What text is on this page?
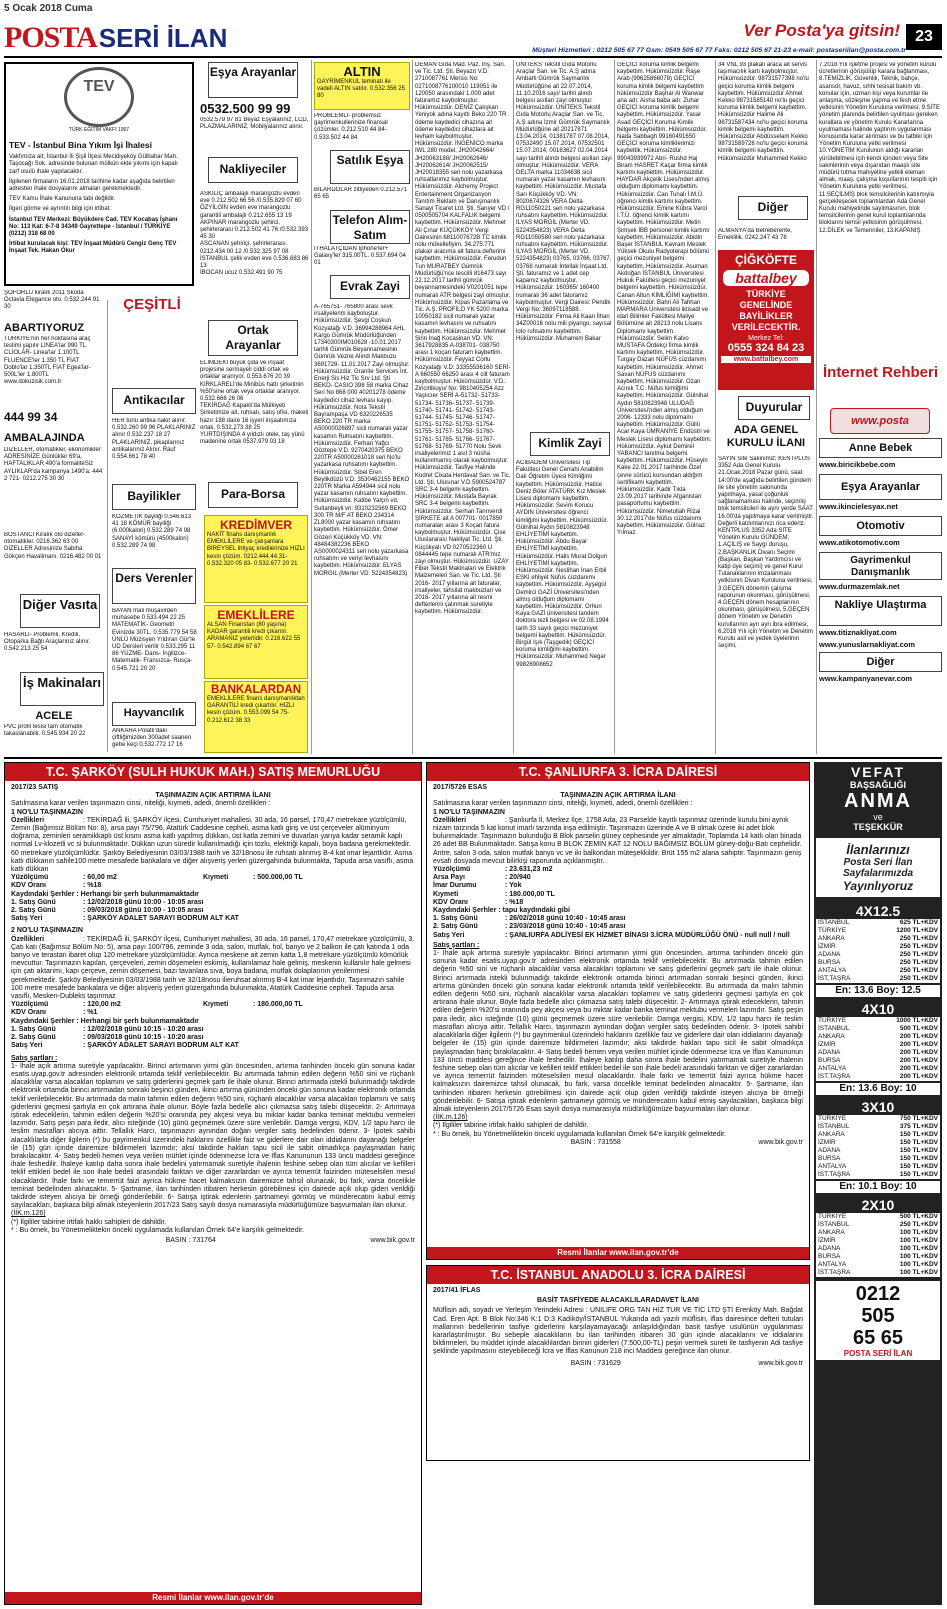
5 Ocak 2018 Cuma
POSTASERİ İLAN	Ver Posta'ya gitsin! 23
Müşteri Hizmetleri : 0212 505 67 77 Gsm: 0549 505 67 77 Faks: 0212 505 67 21-23 e-mail: postaseriilan@posta.com.tr
TEV
TÜRK EĞİTİM VAKFI 1967
TEV - İstanbul Bina Yıkım İşi İhalesi
Vakfımıza ait; İstanbul İli Şişli İlçesi Mecidiyeköy Gülbahar Mah. Taşocağı Sok. adresinde bulunan mülkün ekte yıkımı için kapalı zarf usulü ihale yapılacaktır.
İlgilenen firmaların 16.01.2018 tarihine kadar aşağıda belirtilen adresten ihale dosyalarını almaları gerekmektedir.
TEV Kamu İhale Kanununa tabi değildir.
İlgeri görme ve ayrıntılı bilgi için irtibat:
İstanbul TEV Merkezi: Büyükdere Cad. TEV Kocabaş İşhanı No: 113 Kat: 6-7-8 34349 Gayrettepe - İstanbul / TÜRKİYE (0212) 318 68 00
İrtibat kurulacak kişi: TEV İnşaat Müdürü Cengiz Genç TEV İnşaat Tek. Hakan Okur
ŞOFÖRLÜ kiralık 2011 Skoda Octavia Elegance oto. 0.532.244 91 30	ÇEŞİTLİ
ABARTIYORUZ
TÜRKİYE'nin her noktasına araç teslimi yapılır LİNEA'lar 990 TL CLİOLAR- Linea'lar 1.100TL FLUENCE'ler 1.350 TL FİAT Doblo'lar 1.350TL FİAT Egea'lar- 500L'ler 1.800TL www.dokuzisik.com.tr
444 99 34
AMBALAJINDA
DİZELLER, otomatikler, ekonomikler ADRESİNİZE Günlükler 69'a, HAFTALIKLAR 490'a formaliteSiz AYLIKLAR'da kampanya 1490'a. 444 2 721- 0212.275 30 30
BOSTANCI Kiralık oto dizeller- otomatikler. 0216.362 63 00 DİZELLER Adresinize Sabiha Gökçen Havalimanı. 0216.482 00 01
Diğer Vasıta
HASARLI- Problemli, Kredili, Otoparka Bağlı Araçlarınız alınır. 0.542.213 25 54
İş Makinaları
ACELE
PVC profil tesisi tam otomatik takaslanabilir. 0.545.934 20 22
Eşya Arayanlar
0532.500 99 99
0532.579 97 81 Beyaz Eşyalarınız, LCD, PLAZMALARINIZ, Mobilyalarınız alınır.
Nakliyeciler
ASKILIÇ ambalajlı marangozlu evden eve 0.212.502 66 56 /0.535.829 07 60
ÖZYİLGİN evden eve marangozlu garantili ambalajlı 0.212.655 13 19
AKPINAR marangozlu şehirci, şehirlerarası 0.212.502 41 76 /0.532.393 45 30
ASCANAN şehiriçi, şehirlerarası. 0212.434 00 12 /0.532.325 97 08
İSTANBUL çelik evden eve 0.536.683 86 13
İBOCAN ucuz 0.532.491 90 75
Ortak Arayanlar
ELİMDEKİ büyük çida ve inşaat projesine sermayeli ciddi ortak ve ortaklar aranıyor. 0.553.676 20 39
KIRKLARELİ'de Minibüs hattı şirketinin %50'sine ortak veya ortaklar aranıyor. 0.532.666 26 06
TEKİRDAĞ Kapaklı'da Mülkiyeti Şirketimize ait, ruhsatı, satış ofisi, maketi hazır 188 daire 16 işyeri inşaatımıza ortak. 0.532.273 38 25
YURTDIŞINDA 4 yıldızlı otele, taş yünü madenine ortak 0537.979 03 18
Antikacılar
HER türlü antika nakit alınır. 0.532.260 99 96 PLAKLARINIZ alınır 0.532.237 18 27 PLAKLARINIZ, pikaplarınız antikalarınız Alınır. Rauf 0.554.661 78 40
Bayilikler
KOZMETİK bayiliği 0.546.613 41 18 KÖMÜR bayiliği (6.000kalori) 0.532.289 74 98 SANAYİ kömürü (4500kalori) 0.532.289 74 98
Para-Borsa
Ders Verenler
BAYAN mali müşavirden muhasebe 0.533.494 22 25 MATEMATİK- Geometri Evinizde 30TL. 0.535.779 54 58 ÜNLÜ Müzisyen Yıldıran Gür'le UD Dersleri verilir 0.533.295 11 86 YÜZME- Dans- İngilizce- Matematik- Fransızca- Rusça- 0.545.721 20 20
Hayvancılık
ANKARA Polatlı'daki çiftliğimizden 300adet saanen gebe keçi 0.532.772 17 16
KREDİMVER
NAKİT finans danışmanlık EMEKLİLERE ve çalışanlara BİREYSEL ihtiyaç kredilerinize HIZLI kesin çözüm. 0212.444.44.31- 0.532.320 05 83- 0.532.677 20 21
EMEKLİLERE
ALSAN Finanstan (80 yaşına) KADAR garantili kredi çıkarılır. ARAMANIZ yeterlidir. 0.216.622 55 57- 0.542.894 67 67
BANKALARDAN
EMEKLİLERE finans danışmanlıktan GARANTİLİ kredi çıkartılır. HIZLI kesin çözüm. 0.553.099 54 75- 0.212.612 38 33
ALTIN
GAYRİMENKUL teminatı ile vadeli ALTIN satılır. 0.532.356 25 80
PROBLEMLİ- problemsiz gayrimenkullerinize finansal çözümler. 0.212.510 44 84- 0.533.502 44 84
Satılık Eşya
BİLARDOLAR zitliyeden 0.212.571 65 65
Telefon Alım-Satım
İTHALATÇIDAN İphone'ler+ Galaxy'ler 315.00TL. 0.537.694 04 01
Evrak Zayi
A-765751- 765800 arası sevk irsaliyelerim kayboluştur. Hükümsüzdür. Şevgi Coşkun Kozyatağı V.D. 36994288964 AHL Kargo Gümrük Müdürlüğünden 17340300IM010628 -10.01.2017 tarihli Gümrük Beyannamesinin Gümrük Vezne Alındı Makbuzu 3691728- 11.01.2017 Zayi olmuştur. Hükümsüzdür. Granite Services İnt. Enerji Sis Hiz Tic Srv Ltd. Şti BEKO- CASIO 398 58 marka Cihaz Seri No 868 000 40201278 ödeme kaydedici cihaz levhası kayıp. Hükümsüzdür. Nota Tekstil Bayrampaşa VD 6320226535 BEKO 220 TR marka A50000026897 sicil numaralı yazar kasamın Ruhsatını kaybettim. Hükümsüzdür. Ferhan Yağcı Göztepe V.D. 9270420375 BEKO 220TR A50000261018 seri No'lu yazarkasa ruhsatımı kaybettim. Hükümsüzdür. Sibel Eren Beylikdüzü V.D. 3530462155 BEKO 220TR Marka A594944 sicil nolu yazar kasamın ruhsatını kaybettim. Hükümsüzdür. Katibe Yalçın vd. Sultanbeyli vn: 9310232369 BEKO 300 TR M/F AT BEKO 234314 ZL8000 yazar kasamın ruhsatını kaybettim. Hükümsüzdür. Ömer Gözeri Küçükköy VD. VN: 48484382236 BEKO AS0000024311 seri nolu yazarkasa ruhsatımı ve veriyi levhasını kaybettim. Hükümsüzdür. ELYAS MORGIL (Merter VD. 5224354823)
DEMAN Gıda Mad. Paz. İnş. San. ve Tic. Ltd. Şti. Beyazıt V.D. 2710087761 Mersis No: 0271008776100010 119051 ile 120050 arasındaki 1.000 adet faturamız kaybolmuştur. Hükümsüzdür. DENİZ Çalışkan Yeniyok adına kayıtlı Beko 220 TR ödeme kaydedici cihazına ait ödeme kaydedici cihazlara ait levham kaybolmuştur. Hükümsüzdür. İNGENİCO marka IWL 280 model, JH20042664/ JH20063188/ JH20062646/ JH20062614/ JH20062515/ JH20018355 seri nolu yazarkasa ruhsatlarımız kaybolmuştur. Hükümsüzdür. Alchemy Project Entertainment Organizasyon Tanıtım Reklam ve Danışmanlık Sanayi Ticaret Ltd. Şti. Sarıyer VD / 0500505704 KALFALIK belgemi kaybettim. Hükümsüzdür. Mehmet Ali Çınar KÜÇÜKKÖY Vergi Dairesinin 6811007672B TC kimlik nolu mükellefiyim. 34.275.771 plakalı aracıma ait fatura defterimi kaybettim. Hükümsüzdür. Ferudun Tun MURATBEY Gümrük Müdürlüğü'nce tescilli 816473 sayı 22.12.2017 tarihli gümrük beyannamesindeki V0201051 tepe numaralı ATR belgesi zayi olmuştur. Hükümsüzdür. Kipas Pazarlama ve Tic. A.Ş. PROFİLO YK 5200 marka 10050182 sicil numaralı yazar kasamın levhasını ve ruhsatını kaybettim. Hükümsüzdür. Mehmet Şirin İnağ Kocasinan VD. VN: 3617928835 A-038701- 038750 arası 1 koçan faturam kaybettim. Hükümsüzdür. Feyyaz Corlu Kozyatağı V.D: 33355536160 SERİ- A 660550 66250 arası 4 cilt faturam kaybolmuştur. Hükümsüzdür. V.D.: Zincirlikuyu/ No: 9810405254 Azz Yaşlıcıer SERİ A-51732- 51733- 51734- 51736- 51737- 51739- 51740- 51741- 51742- 51743- 51744- 51745- 51746- 51747- 51751- 51752- 51753- 51754- 51755- 51757- 51758- 51760- 51761- 51765- 51766- 51767- 51768- 51769- 51770 Nolu Sevk irsaliyelerimiz 1 asıl 3 nüsha kullanılmamış olarak kaybolmuştur. Hükümsüzdür. Tasfiye Halinde Kudret Cixata Herdavat San. ve Tic. Ltd. Şti. Ulusınar V.D 5900524787 SRC 3-4 belgemi kaybettim. Hükümsüzdür. Mustafa Bayrak SRC 3-4 belgemi kaybettim. Hükümsüzdür. Serhan Tanrıverdi ŞİRKETE ait A 007701- 0017850 numaraları arası 3 Koçan fatura kaybolmuştur. Hükümsüzdür. Çise Uluslararası Nakliyat Tic. Ltd. Şti. Küçükyalı VD 0270522360 U 0844445 tepe numaralı ATR'mız zayi olmuştur. Hükümsüzdür. UZAY Fiber Tekstil Makinaları ve Elektrik Malzemeleri San. ve Tic. Ltd. Şti 2016- 2017 yıllarına ait faturalar, irsaliyeler, tahsilat makbuzları ve 2016- 2017 yıllarına ait resmi defterlerini çalınmak suretiyle kaybettim. Hükümsüzdür.
ÜNİTEKS Tekstil Gıda Motorlu Araçlar San. ve Tic. A.Ş adına Ambarlı Gümrük Saymanlık Müdürlüğüne ait 22.07.2014, 11.10.2016 sayı/ tarihli alındı belgesi asılları zayi olmuştur. Hükümsüzdür. ÜNİTEKS Tekstil Gıda Motorlu Araçlar San. ve Tic. A.Ş adına İzmir Gümrük Saymanlık Müdürlüğüne ait 20217871 13.04.2014, 01381787 07.08.2014, 07532490 15.07.2014, 07532501 15.07.2014, 00163627 02.04.2014 sayı tarihli alındı belgesi asılları zayi olmuştur. Hükümsüzdür. VERA DELTA marka 11034638 sicil numaralı yazar kasamın levhasını kaybettim. Hükümsüzdür. Mustafa Sarı Küçükköy VD. VN: 8020674326 VERA Delta RG11050221 seri nolu yazarkasa ruhsatını kaybettim. Hükümsüzdür. İLYAS MORGİL (Merter VD. 5224354823) VERA Delta RG11050580 seri nolu yazarkasa ruhsatını kaybettim. Hükümsüzdür. İLYAS MORGİL (Merter VD. 5224354823) 03765, 03766, 03767, 03768 numaralı İntellak İnşaat Ltd. Şti. faturamız ve 1 adet cep kapamız kaybolmuştur. Hükümsüzdür. 160365/ 160400 numaralı 36 adet faturamız kaybolmuştur. Vergi Dairesi: Pendik Vergi No: 36097118588. Hükümsüzdür. Firma Ali Kaan İlhan 34Z00016 nolu mili piyango, sayısal loto ruhsatımı kaybettim. Hükümsüzdür. Muharrem Bakar
Kimlik Zayi
ACIBADEM Üniversitesi Tıp Fakültesi Genel Cerrahi Anabilim Dalı Öğretim Üyesi Kimliğimi kaybettim. Hükümsüzdür. Hatice Deniz Böler ATATÜRK Kız Meslek Lisesi diplomamı kaybettim. Hükümsüzdür. Sevim Korucu AYDIN Üniversitesi öğrenci kimliğimi kaybettim. Hükümsüzdür. Gülnihal Aydın 5810823948 EHLİYETİMİ kaybettim. Hükümsüzdür. Abdu Bayar EHLİYETİMİ kaybettim. Hükümsüzdür. Halis Murat Dolgun EHLİYETİMİ kaybettim. Hükümsüzdür. Neslihan İnan Erbil ESKİ ehliyet Nüfus cüzdanımı kaybettim. Hükümsüzdür. Ayşegül Demirci GAZİ Üniversitesi'nden almış olduğum diplomamı kaybettim. Hükümsüzdür. Orhun Kaya GAZİ üniversitesi tandem doktora tezli belgesi ve 02.08.1994 tarih 33 sayılı geçici mezuniyet belgemi kaybettim. Hükümsüzdür. Birgül Işık (Taşgedik) GEÇİCİ koruma kimliğimi kaybettim. Hükümsüzdür. Muhammed Negar 99826908652
GEÇİCİ koruma kimlik belgemi kaybettim. Hükümsüzdür. Raşe Arab (99625866078) GEÇİCİ koruma kimlik belgemi kaybettim hükümsüzdür Başhar Al Wanwar ana adı: Aisha baba adı: Zuhar GEÇİCİ koruma kimlik belgemi kaybettim. Hükümsüzdür. Yasar Asad GEÇİCİ Koruma Kimlik belgemi kaybettim. Hükümsüzdür. Nada Sabbagh 99160491650 GEÇİCİ koruma kimliklerimizi kaybettik. Hükümsüzdür. 99043939972 Abri- Rushd Haj Biram HASRET Kaçar firma kimlik kartımı kaybettim. Hükümsüzdür. HAYDAR Akçelik Lisesi'nden almış olduğum diplomamı kaybettim. Hükümsüzdür. Can Tunalı İ.M.Ü. öğrenci kimlik kartımı kaybettim. Hükümsüzdür. Emine Kübra Varol İ.T.Ü. öğrenci kimlik kartımı kaybettim. Hükümsüzdür. Metin Şimşek İBB personel kimlik kartımı kaybettim. Hükümsüzdür. Abidin Başer İSTANBUL Kavram Meslek Yüksek Okulu Radyoterapi bölümü geçici mezuniyet belgemi kaybettim. Hükümsüzdür. Asuman Akdoğan İSTANBUL Üniversitesi Hukuk Fakültesi geçici mezuniyet belgemi kaybettim. Hükümsüzdür. Canan Altun KİMLİĞİMİ kaybettim. Hükümsüzdür. Bahri Ali Tahhan MARMARA Üniversitesi iktisadi ve idari Bilimler Fakültesi Maliye Bölümüne ait 28213 nolu Lisans Diplomamı kaybettim. Hükümsüzdür. Selim Kalvo MUSTAFA Ördekçi firma kimlik kartımı kaybettim. Hükümsüzdür. Turgay Dazan NÜFUS cüzdanımı kaybettim. Hükümsüzdür. Ahmet Savan NÜFUS cüzdanımı kaybettim. Hükümsüzdür. Ozan Acınık T.C. Nüfus kimliğimi kaybettim. Hükümsüzdür. Gülnihal Aydın 5810823948 ULUDAĞ Üniversitesi'nden almış olduğum 2006- 12333 nolu diplomamı kaybettim. Hükümsüzdür. Güllü Acar Kaya ÜMRANİYE Endüstri ve Meslek Lisesi diplomamı kaybettim. Hükümsüzdür. Aykut Demirel YABANCI tanıtma belgemi kaybettim. Hükümsüzdür. Hüseyin Kake 22.01.2017 tarihinde Özel çevre sürücü kursundan aldığım sertifikamı kaybettim. Hükümsüzdür. Kadir Tıkla 23.09.2017 tarihinde Afganistan pasaportumu kaybettim. Hükümsüzdür. Nimetullah Rizai 30.12.2017'de Nüfus cüzdanımı kaybettim. Hükümsüzdür. Gülnaz Yılmaz
34 VNL 93 plakalı araca ait servis taşımacılık kartı kaybolmuştur. Hükümsüzdür. 98731577398 no'lu geçici koruma kimlik belgemi kaybettim. Hükümsüzdür Ahmet Kekko 98731585140 no'lu geçici koruma kimlik belgemi kaybettim. Hükümsüzdür Halime Ali 98731587434 no'lu geçici koruma kimlik belgemi kaybettim. Hükümsüzdür Abdüsselam Kekko 98731589728 no'lu geçici koruma kimlik belgemi kaybettim. Hükümsüzdür Muhammed Kekko
Diğer
ALMANYA'da Betreberente, Emeklilik. 0242.247 43 78
ÇİĞKÖFTE
battalbey
TÜRKİYE GENELİNDE BAYİLİKLER VERİLECEKTİR.
Merkez Tel:
0555 324 84 23
www.battalbey.com
Duyurular
ADA GENEL KURULU İLANI
SAYIN Site Sakinimiz; KENTPLUS 3352 Ada Genel Kurulu 21.Ocak.2018 Pazar günü, saat 14:00'de aşağıda belirtilen gündem ile site yönetim salonunda yapılmaya, yasal çoğunluk sağlanamaması halinde, seçimliş blok temsilcileri ile aynı yerde SAAT 16.00'da yapılmaya karar verilmiştir. Değerli katılımlarınızı rica ederiz. KENTPLUS 3352 Ada SİTE Yönetim Kurulu GÜNDEM; 1.AÇILIŞ ve Saygı duruşu, 2.BAŞKANLIK Divanı Seçimi (Başkan, Başkan Yardımcısı ve katip üye seçimi) ve genel Kurul Tutanaklarının imzalanması yetkisinin Divan Kuruluna verilmesi, 3.GEÇEN dönemin çalışma raporunun okunması, görüşülmesi, 4.GEÇEN dönem hesaplarının okunması, görüşülmesi, 5.GEÇEN dönem Yönetim ve Denetim kurullarının ayrı ayrı ibra edilmesi, 6.2018 Yılı için Yönetim ve Denetim Kurulu asil ve yedek üyelerinin seçimi,
7.2018 Yılı işletme projesi ve yönetim kurulu ücretlerinin görüşülüp karara bağlanması, 8.TEMİZLİK, Güvenlik, Teknik, bahçe, asansör, havuz, sıhhi tesisat bakım vb. konular için, uzman kişi veya kurumlar ile anlaşma, sözleşme yapma ve fesh etme yetkisinin Yönetim Kuruluna verilmesi, 9.SİTE yönetim planında belirtilen uyulması gereken kurallara ve yönetim Kurulu Kararlarına uyulmaması halinde yaptırım uygulanması konusunda karar alınması ve bu tatbiki için Yönetim Kuruluna yetki verilmesi 10.YÖNETİM Kurulunun aldığı kararları yürütebilmesi için kendi içinden veya Site sakinlerinin veya dışarıdan maaşlı site müdürü tutma mahiyetine yetkili eleman almak, maaş, çalışma koşullarının tespiti için Yönetim Kuruluna yetki verilmesi, 11.SEÇİLMİŞ blok temsilcilerinin katılımıyla gerçekleşecek toplantılardan Ada Genel Kurulu mahiyetinde sayılmasının, blok temsilcilerinin genel kurul toplantılarında bloklarını temsil yetkisinin görüşülmesi, 12.DİLEK ve Temenniler, 13.KAPANIŞ
İnternet Rehberi
www.posta
Anne Bebek
www.biricikbebe.com
Eşya Arayanlar
www.ikincielesyax.net
Otomotiv
www.atikotomotiv.com
Gayrimenkul Danışmanlık
www.durmazemlak.net
Nakliye Ulaştırma
www.titiznakliyat.com
www.yunuslarnakliyat.com
Diğer
www.kampanyanevar.com
T.C. ŞARKÖY (SULH HUKUK MAH.) SATIŞ MEMURLUĞU
2017/23 SATIŞ
TAŞINMAZIN AÇIK ARTIRMA İLANI
Satılmasına karar verilen taşınmazın cinsi, niteliği, kıymeti, adedi, önemli özellikleri :
1 NO'LU TAŞINMAZIN
Özellikleri	: TEKİRDAĞ ili, ŞARKÖY ilçesi, Cumhuriyet mahallesi, 30 ada, 16 parsel, 170,47 metrekare yüzölçümlü, Zemin (Bağımsız Bölüm No: 8), arsa payı 75/796, Atatürk Caddesine cepheli, asma katlı giriş ve üst çerçeveler alüminyum doğrama, zeminleri seramikkaplı üst kısmı asma katlı yapılmış dükkan, üst katla zemini ve duvarları yarıya kadar seramik kaplı normal Lv-klozetli vc si bulunmaktadır. Dükkan uzun süredir kullanılmadığı için tozlu, elektriği kapalı, boya badana gerekmektedir. 60 metrekare yüzölçümlüdür. Şarköy Belediyesinin 03/03/1988 tarih ve 32/18nosu ile ruhsatı alınmış B-4 kat imar lejantlıdır. Asma katlı dükkanın sahile100 metre mesafede bankalara ve diğer alışveriş yerleri güzergahında bulunmakta, Tapuda arsa vasıflı, asma katlı dükkan
Yüzölçümü	: 60,00 m2	Kıymeti	: 500.000,00 TL
KDV Oranı	: %18
Kaydındaki Şerhler : Herhangi bir şerh bulunmamaktadır
1. Satış Günü	: 12/02/2018 günü 10:00 - 10:05 arası
2. Satış Günü	: 09/03/2018 günü 10:00 - 10:05 arası
Satış Yeri	: ŞARKÖY ADALET SARAYI BODRUM ALT KAT
2 NO'LU TAŞINMAZIN
Özellikleri	: TEKİRDAĞ ili, ŞARKÖY ilçesi, Cumhuriyet mahallesi, 30 ada, 16 parsel, 170,47 metrekare yüzölçümlü, 3. Çatı katı (Bağımsız Bölüm No: 5), arsa payı 100/796, zeminde 3 oda, salon, mutfak, hol, banyo ve 2 balkon ile çatı katında 1 oda banyo ve terastan ibaret olup 120 metrekare yüzölçümlüdür. Ayrıca meskene ait zemin katta 1,8 metrekare yüzölçümlü kömürlük mevcuttur. Taşınmazın kapıları, çerçeveleri, zemin döşemeleri eskimiş, kullanılamaz hale gelmiş, meskenin kullanılır hale gelmesi için çatı aktarımı, kapı çerçeve, zemin döşemesi, bazı tavanlara sıva, boya badana, mutfak dolaplarının yenilenmesi gerekmektedir. Şarköy Belediyesinin 03/03/1988 tarih ve 32/18nosu ilieruhsat alınmış B-4 kat imar lejantlıdır. Taşınmazın sahile 100 metre mesafede bankalara ve diğer alışveriş yerleri güzergahında bulunmakta, Atatürk Caddesine cepheli. Tapuda arsa vasıflı, Mesken-Dubleks taşınmaz
Yüzölçümü	: 120,00 m2	Kıymeti	: 180.000,00 TL
KDV Oranı	: %1
Kaydındaki Şerhler : Herhangi bir şerh bulunmamaktadır
1. Satış Günü	: 12/02/2018 günü 10:15 - 10:20 arası
2. Satış Günü	: 09/03/2018 günü 10:15 - 10:20 arası
Satış Yeri	: ŞARKÖY ADALET SARAYI BODRUM ALT KAT
Satış şartları :
1- İhale açık artırma suretiyle yapılacaktır. Birinci artırmanın yirmi gün öncesinden, artırma tarihinden önceki gün sonuna kadar esatis.uyap.gov.tr adresinden elektronik ortamda teklif verilebilecektir. Bu artırmada tahmin edilen değerin %50 sini ve rüçhanlı alacaklılar varsa alacakları toplamını ve satış giderlerini geçmek şartı ile ihale olunur. Birinci artırmada istekli bulunmadığı takdirde elektronik ortamda birinci artırmadan sonraki beşinci günden, ikinci artırma gününden önceki gün sonuna kadar elektronik ortamda teklif verilebilecektir. Bu artırmada da malın tahmin edilen değerin %50 sini, rüçhanlı alacaklılar varsa alacakları toplamını ve satış giderlerini geçmesi şartıyla en çok artırana ihale olunur. Böyle fazla bedelle alıcı çıkmazsa satış talebi düşecektir. 2- Artırmaya iştirak edeceklerin, tahmin edilen değerin %20'si oranında pey akçesi veya bu miktar kadar banka teminat mektubu vermeleri lazımdır. Satış peşin para iledir, alıcı isteğinde (10) günü geçmemek üzere süre verilebilir. Damga vergisi, KDV, 1/2 tapu harcı ile teslim masrafları alıcıya aittir. Tellallık Harcı, taşınmazın aynından doğan vergiler satış bedelinden ödenir. 3- İpotek sahibi alacaklılarla diğer ilgilerin (*) bu gayrimenkul üzerindeki haklarını özellikle faiz ve giderlere dair olan iddialarını dayanağı belgeler ile (15) gün içinde dairemize bildirmeleri lazımdır; aksi takdirde hakları tapu sicil ile sabit olmadıkça paylaşmadan hariç bırakılacaktır. 4- Satış bedeli hemen veya verilen mühlet içinde ödenmezse İcra ve İflas Kanununun 133 üncü maddesi gereğince ihale feshedilir. İhaleye katılıp daha sonra ihale bedelini yatırmamak suretiyle ihalenin feshine sebep olan tüm alıcılar ve kefilleri teklif ettikleri bedel ile son ihale bedeli arasındaki farktan ve diğer zararlardan ve ayrıca temerrüt faizinden müteselsilen mesul olacaklardır. İhale farkı ve temerrüt faizi ayrıca hükme hacet kalmaksızın dairemizce tahsil olunacak, bu fark, varsa öncelikle teminat bedelinden alınacaktır. 5- Şartname, ilan tarihinden itibaren herkesin görebilmesi için dairede açık olup gideri verildiği takdirde isteyen alıcıya bir örneği gönderilebilir. 6- Satışa iştirak edenlerin şartnameyi görmüş ve münderecatını kabul etmiş sayılacakları, başkaca bilgi almak isteyenlerin 2017/23 Satış sayılı dosya numarasıyla müdürlüğümüze başvurmaları ilan olunur.
(İİK.m.126)
(*) İlgililer tabirine irtifak hakkı sahipleri de dahildir.
* : Bu örnek, bu Yönetmeliktekin önceki uygulamada kullanılan Örnek 64'e karşılık gelmektedir.
BASIN : 731764	www.bik.gov.tr
Resmi İlanlar www.ilan.gov.tr'de
T.C. ŞANLIURFA 3. İCRA DAİRESİ
2017/5726 ESAS
TAŞINMAZIN AÇIK ARTIRMA İLANI
Satılmasına karar verilen taşınmazın cinsi, niteliği, kıymeti, adedi, önemli özellikleri :
1 NO'LU TAŞINMAZIN
Özellikleri	: Şanlıurfa İl, Merkez İlçe, 1758 Ada, 23 Parselde kayıtlı taşınmaz üzerinde kurulu bini aynık nizam tarzında 5 kat konut imarlı tarzında inşa edilmiştir. Taşınmazın üzerinde A ve B olmak üzere iki adet blok bulunmaktadır. Taşınmazın bulunduğu B Blok parselin güney cephesinde yer almaktadır. Toplamda 14 katlı olan binada 26 adet BB Bulunmaktadır. Satışa konu B BLOK ZEMİN KAT 12 NOLU BAĞIMSIZ BÖLÜM güney-doğu-Batı cephelidir. Antre, salon 3 oda, salon mutfak banyo vc ve iki balkondan müteşekkildir. Brüt 155 m2 alana sahiptir. Taşınmazın geniş evsafı dosyada mevcut bilirkişi raporunda açıklanmıştır.
Yüzölçümü	: 23.631,23 m2
Arsa Payı	: 20/940
İmar Durumu	: Yok
Kıymeti	: 180.000,00 TL
KDV Oranı	: %18
Kaydındaki Şerhler : tapu kaydındaki gibi
1. Satış Günü	: 26/02/2018 günü 10:40 - 10:45 arası
2. Satış Günü	: 23/03/2018 günü 10:40 - 10:45 arası
Satış Yeri	: ŞANLIURFA ADLİYESİ EK HİZMET BİNASI 3.İCRA MÜDÜRLÜĞÜ ÖNÜ - null null / null
Satış şartları :
1- İhale açık artırma suretiyle yapılacaktır. Birinci artırmanın yirmi gün öncesinden, artırma tarihinden önceki gün sonuna kadar esatis.uyap.gov.tr adresinden elektronik ortamda teklif verilebilecektir. Bu artırmada tahmin edilen değerin %50 sini ve rüçhanlı alacaklılar varsa alacakları toplamını ve satış giderlerini geçmek şartı ile ihale olunur. Birinci artırmada istekli bulunmadığı takdirde elektronik ortamda birinci artırmadan sonraki beşinci günden, ikinci artırma gününden önceki gün sonuna kadar elektronik ortamda teklif verilebilecektir. Bu artırmada da malın tahmin edilen değerin %50 sini, rüçhanlı alacaklılar varsa alacakları toplamını ve satış giderlerini geçmesi şartıyla en çok artırana ihale olunur. Böyle fazla bedelle alıcı çıkmazsa satış talebi düşecektir. 2- Artırmaya iştirak edeceklerin, tahmin edilen değerin %20'si oranında pey akçesi veya bu miktar kadar banka teminat mektubu vermeleri lazımdır. Satış peşin para iledir, alıcı isteğinde (10) günü geçmemek üzere süre verilebilir. Damga vergisi, KDV, 1/2 tapu harcı ile teslim masrafları alıcıya aittir. Tellallık Harcı, taşınmazın aynından doğan vergiler satış bedelinden ödenir. 3- İpotek sahibi alacaklılarla diğer ilgilerin (*) bu gayrimenkul üzerindeki haklarını özellikle faiz ve giderlere dair olan iddialarını dayanağı belgeler ile (15) gün içinde dairemize bildirmeleri lazımdır; aksi takdirde hakları tapu sicil ile sabit olmadıkça paylaşmadan hariç bırakılacaktır. 4- Satış bedeli hemen veya verilen mühlet içinde ödenmezse İcra ve İflas Kanununun 133 üncü maddesi gereğince ihale feshedilir. İhaleye katılıp daha sonra ihale bedelini yatırmamak suretiyle ihalenin feshine sebep olan tüm alıcılar ve kefilleri teklif ettikleri bedel ile son ihale bedeli arasındaki farktan ve diğer zararlardan ve ayrıca temerrüt faizinden müteselsilen mesul olacaklardır. İhale farkı ve temerrüt faizi ayrıca hükme hacet kalmaksızın dairemizce tahsil olunacak, bu fark, varsa öncelikle teminat bedelinden alınacaktır. 5- Şartname, ilan tarihinden itibaren herkesin görebilmesi için dairede açık olup gideri verildiği takdirde isteyen alıcıya bir örneği gönderilebilir. 6- Satışa iştirak edenlerin şartnameyi görmüş ve münderecatını kabul etmiş sayılacakları, başkaca bilgi almak isteyenlerin 2017/5726 Esas sayılı dosya numarasıyla müdürlüğümüze başvurmaları ilan olunur.
(İİK.m.126)
(*) İlgililer tabirine irtifak hakkı sahipleri de dahildir.
* : Bu örnek, bu Yönetmeliktekin önceki uygulamada kullanılan Örnek 64'e karşılık gelmektedir.
BASIN : 731558	www.bik.gov.tr
Resmi İlanlar www.ilan.gov.tr'de
T.C. İSTANBUL ANADOLU 3. İCRA DAİRESİ
2017/41 İFLAS
BASİT TASFİYEDE ALACAKLILARADAVET İLANI
Müflisin adı, soyadı ve Yerleşim Yerindeki Adresi : UNILIFE ORG TAN HİZ TUR VE TİC LTD ŞTİ Erenköy Mah. Bağdat Cad. Eren Apt. B Blok No:346 K:1 D:3 Kadıköy/İSTANBUL Yukarıda adı yazılı müflisin, iflas dairesince defteri tutulan mallarının bedellerinin tasfiye giderlerini karşılayamayacağı anlaşıldığından basit tasfiye usulünün uygulanması kararlaştırılmıştır. Bu sebeple alacaklıların bu ilan tarihinden itibaren 30 gün içinde alacaklarını ve iddialarını bildirmeleri, bu müddet içinde alacaklılardan birinin giderleri (7.500,00-TL) peşin vermek sureti ile tasfiyenin Adi tasfiye şeklinde yapılmasını isteyebileceği İcra ve İflas Kanunun 218 inci Maddesi gereğince ilan olunur.
BASIN : 731629	www.bik.gov.tr
VEFAT
BAŞSAĞLIĞI
ANMA
ve
TEŞEKKÜR
İlanlarınızı
Posta Seri İlan
Sayfalarımızda
Yayınlıyoruz
4X12.5
İSTANBUL	625 TL+KDV
TÜRKİYE	1200 TL+KDV
ANKARA	250 TL+KDV
İZMİR	250 TL+KDV
ADANA	250 TL+KDV
BURSA	250 TL+KDV
ANTALYA	250 TL+KDV
İST.TAŞRA	250 TL+KDV
En: 13.6 Boy: 12.5
4X10
TÜRKİYE	1000 TL+KDV
İSTANBUL	500 TL+KDV
ANKARA	200 TL+KDV
İZMİR	200 TL+KDV
ADANA	200 TL+KDV
BURSA	200 TL+KDV
ANTALYA	200 TL+KDV
İST.TAŞRA	200 TL+KDV
En: 13.6 Boy: 10
3X10
TÜRKİYE	750 TL+KDV
İSTANBUL	375 TL+KDV
ANKARA	150 TL+KDV
İZMİR	150 TL+KDV
ADANA	150 TL+KDV
BURSA	150 TL+KDV
ANTALYA	150 TL+KDV
İST.TAŞRA	150 TL+KDV
En: 10.1 Boy: 10
2X10
TÜRKİYE	500 TL+KDV
İSTANBUL	250 TL+KDV
ANKARA	100 TL+KDV
İZMİR	100 TL+KDV
ADANA	100 TL+KDV
BURSA	100 TL+KDV
ANTALYA	100 TL+KDV
İST.TAŞRA	100 TL+KDV
0212
505
65 65
POSTA SERİ İLAN
